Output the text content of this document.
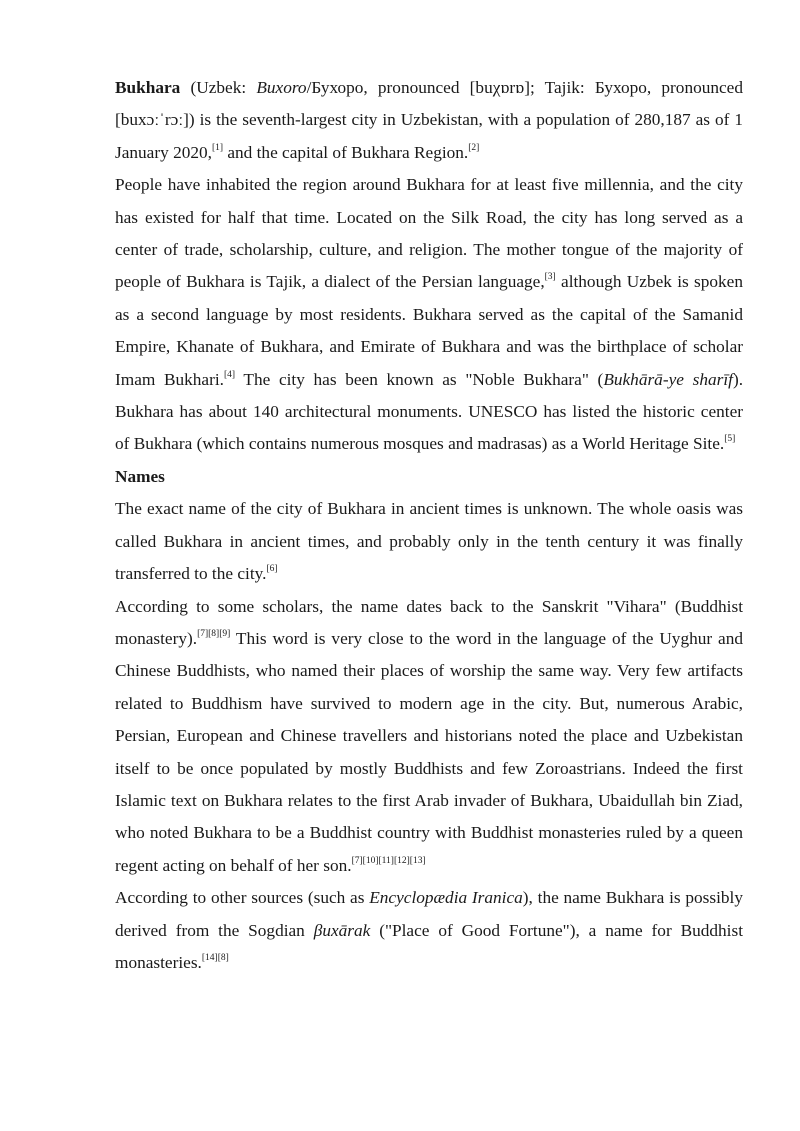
Bukhara (Uzbek: Buxoro/Бухоро, pronounced [buχɒrɒ]; Tajik: Бухоро, pronounced [buxɔːˈrɔː]) is the seventh-largest city in Uzbekistan, with a population of 280,187 as of 1 January 2020,[1] and the capital of Bukhara Region.[2]

People have inhabited the region around Bukhara for at least five millennia, and the city has existed for half that time. Located on the Silk Road, the city has long served as a center of trade, scholarship, culture, and religion. The mother tongue of the majority of people of Bukhara is Tajik, a dialect of the Persian language,[3] although Uzbek is spoken as a second language by most residents. Bukhara served as the capital of the Samanid Empire, Khanate of Bukhara, and Emirate of Bukhara and was the birthplace of scholar Imam Bukhari.[4] The city has been known as "Noble Bukhara" (Bukhārā-ye sharīf). Bukhara has about 140 architectural monuments. UNESCO has listed the historic center of Bukhara (which contains numerous mosques and madrasas) as a World Heritage Site.[5]

Names

The exact name of the city of Bukhara in ancient times is unknown. The whole oasis was called Bukhara in ancient times, and probably only in the tenth century it was finally transferred to the city.[6]

According to some scholars, the name dates back to the Sanskrit "Vihara" (Buddhist monastery).[7][8][9] This word is very close to the word in the language of the Uyghur and Chinese Buddhists, who named their places of worship the same way. Very few artifacts related to Buddhism have survived to modern age in the city. But, numerous Arabic, Persian, European and Chinese travellers and historians noted the place and Uzbekistan itself to be once populated by mostly Buddhists and few Zoroastrians. Indeed the first Islamic text on Bukhara relates to the first Arab invader of Bukhara, Ubaidullah bin Ziad, who noted Bukhara to be a Buddhist country with Buddhist monasteries ruled by a queen regent acting on behalf of her son.[7][10][11][12][13]

According to other sources (such as Encyclopædia Iranica), the name Bukhara is possibly derived from the Sogdian βuxārak ("Place of Good Fortune"), a name for Buddhist monasteries.[14][8]
